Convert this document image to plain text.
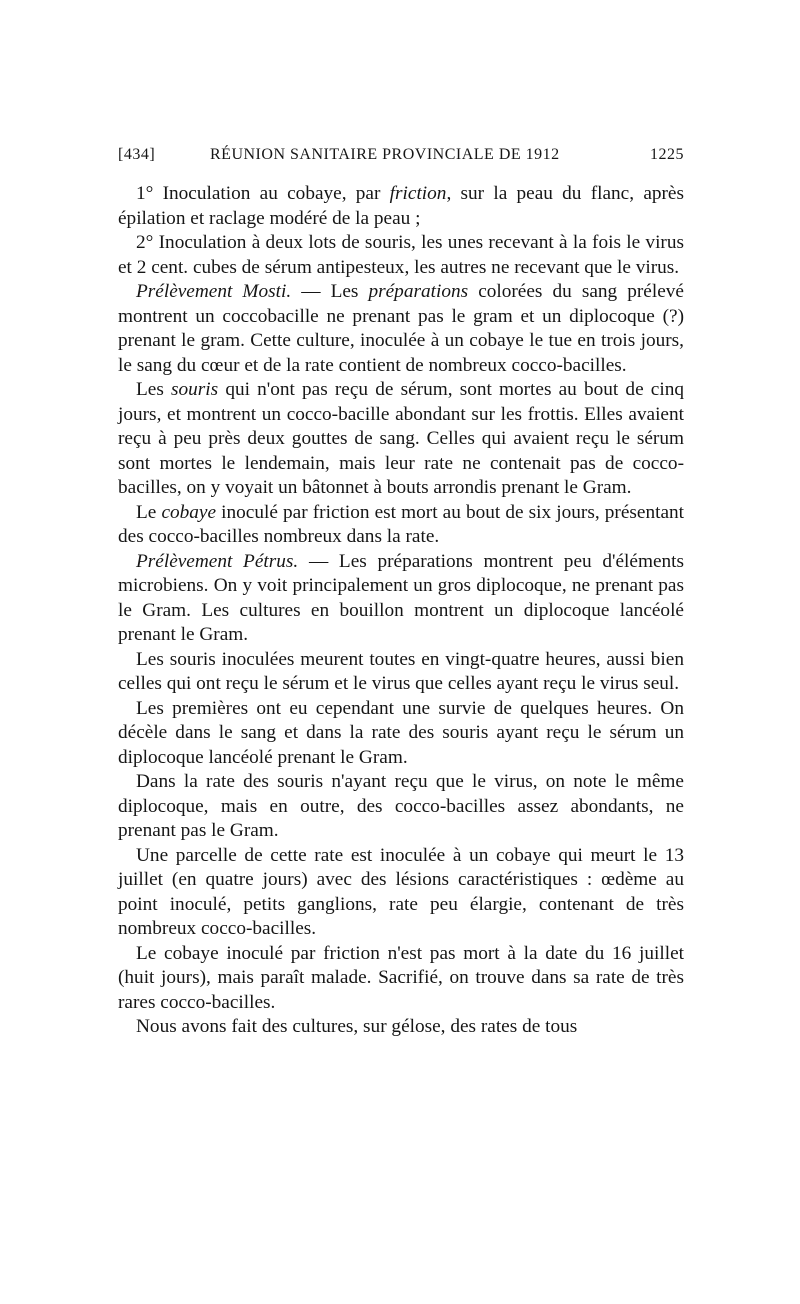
[434]	RÉUNION SANITAIRE PROVINCIALE DE 1912	1225

1° Inoculation au cobaye, par friction, sur la peau du flanc, après épilation et raclage modéré de la peau ;

2° Inoculation à deux lots de souris, les unes recevant à la fois le virus et 2 cent. cubes de sérum antipesteux, les autres ne recevant que le virus.

Prélèvement Mosti. — Les préparations colorées du sang prélevé montrent un coccobacille ne prenant pas le gram et un diplocoque (?) prenant le gram. Cette culture, inoculée à un cobaye le tue en trois jours, le sang du cœur et de la rate contient de nombreux cocco-bacilles.

Les souris qui n'ont pas reçu de sérum, sont mortes au bout de cinq jours, et montrent un cocco-bacille abondant sur les frottis. Elles avaient reçu à peu près deux gouttes de sang. Celles qui avaient reçu le sérum sont mortes le lendemain, mais leur rate ne contenait pas de cocco-bacilles, on y voyait un bâtonnet à bouts arrondis prenant le Gram.

Le cobaye inoculé par friction est mort au bout de six jours, présentant des cocco-bacilles nombreux dans la rate.

Prélèvement Pétrus. — Les préparations montrent peu d'éléments microbiens. On y voit principalement un gros diplocoque, ne prenant pas le Gram. Les cultures en bouillon montrent un diplocoque lancéolé prenant le Gram.

Les souris inoculées meurent toutes en vingt-quatre heures, aussi bien celles qui ont reçu le sérum et le virus que celles ayant reçu le virus seul.

Les premières ont eu cependant une survie de quelques heures. On décèle dans le sang et dans la rate des souris ayant reçu le sérum un diplocoque lancéolé prenant le Gram.

Dans la rate des souris n'ayant reçu que le virus, on note le même diplocoque, mais en outre, des cocco-bacilles assez abondants, ne prenant pas le Gram.

Une parcelle de cette rate est inoculée à un cobaye qui meurt le 13 juillet (en quatre jours) avec des lésions caractéristiques : œdème au point inoculé, petits ganglions, rate peu élargie, contenant de très nombreux cocco-bacilles.

Le cobaye inoculé par friction n'est pas mort à la date du 16 juillet (huit jours), mais paraît malade. Sacrifié, on trouve dans sa rate de très rares cocco-bacilles.

Nous avons fait des cultures, sur gélose, des rates de tous
